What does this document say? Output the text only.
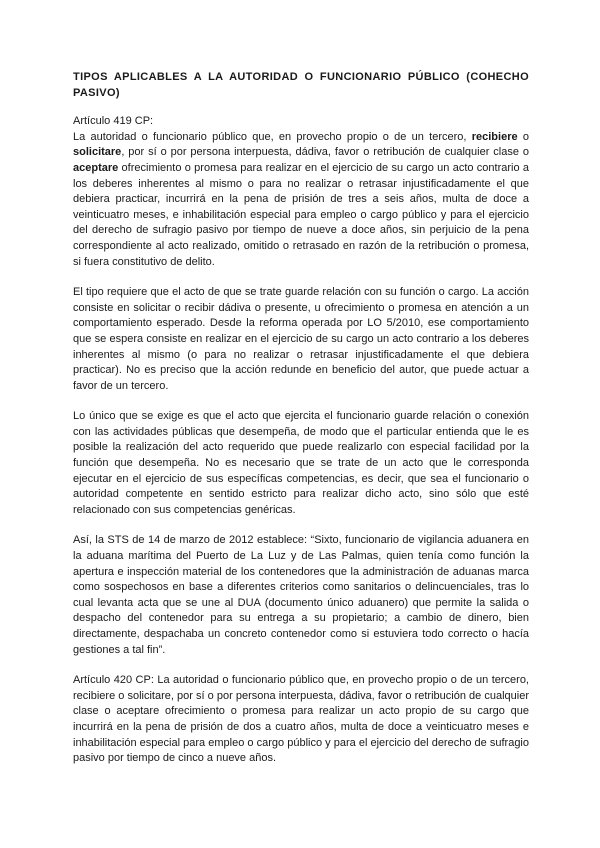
TIPOS APLICABLES A LA AUTORIDAD O FUNCIONARIO PÚBLICO (COHECHO PASIVO)
Artículo 419 CP:
La autoridad o funcionario público que, en provecho propio o de un tercero, recibiere o solicitare, por sí o por persona interpuesta, dádiva, favor o retribución de cualquier clase o aceptare ofrecimiento o promesa para realizar en el ejercicio de su cargo un acto contrario a los deberes inherentes al mismo o para no realizar o retrasar injustificadamente el que debiera practicar, incurrirá en la pena de prisión de tres a seis años, multa de doce a veinticuatro meses, e inhabilitación especial para empleo o cargo público y para el ejercicio del derecho de sufragio pasivo por tiempo de nueve a doce años, sin perjuicio de la pena correspondiente al acto realizado, omitido o retrasado en razón de la retribución o promesa, si fuera constitutivo de delito.
El tipo requiere que el acto de que se trate guarde relación con su función o cargo. La acción consiste en solicitar o recibir dádiva o presente, u ofrecimiento o promesa en atención a un comportamiento esperado. Desde la reforma operada por LO 5/2010, ese comportamiento que se espera consiste en realizar en el ejercicio de su cargo un acto contrario a los deberes inherentes al mismo (o para no realizar o retrasar injustificadamente el que debiera practicar). No es preciso que la acción redunde en beneficio del autor, que puede actuar a favor de un tercero.
Lo único que se exige es que el acto que ejercita el funcionario guarde relación o conexión con las actividades públicas que desempeña, de modo que el particular entienda que le es posible la realización del acto requerido que puede realizarlo con especial facilidad por la función que desempeña. No es necesario que se trate de un acto que le corresponda ejecutar en el ejercicio de sus específicas competencias, es decir, que sea el funcionario o autoridad competente en sentido estricto para realizar dicho acto, sino sólo que esté relacionado con sus competencias genéricas.
Así, la STS de 14 de marzo de 2012 establece: “Sixto, funcionario de vigilancia aduanera en la aduana marítima del Puerto de La Luz y de Las Palmas, quien tenía como función la apertura e inspección material de los contenedores que la administración de aduanas marca como sospechosos en base a diferentes criterios como sanitarios o delincuenciales, tras lo cual levanta acta que se une al DUA (documento único aduanero) que permite la salida o despacho del contenedor para su entrega a su propietario; a cambio de dinero, bien directamente, despachaba un concreto contenedor como si estuviera todo correcto o hacía gestiones a tal fin”.
Artículo 420 CP: La autoridad o funcionario público que, en provecho propio o de un tercero, recibiere o solicitare, por sí o por persona interpuesta, dádiva, favor o retribución de cualquier clase o aceptare ofrecimiento o promesa para realizar un acto propio de su cargo que incurrirá en la pena de prisión de dos a cuatro años, multa de doce a veinticuatro meses e inhabilitación especial para empleo o cargo público y para el ejercicio del derecho de sufragio pasivo por tiempo de cinco a nueve años.
